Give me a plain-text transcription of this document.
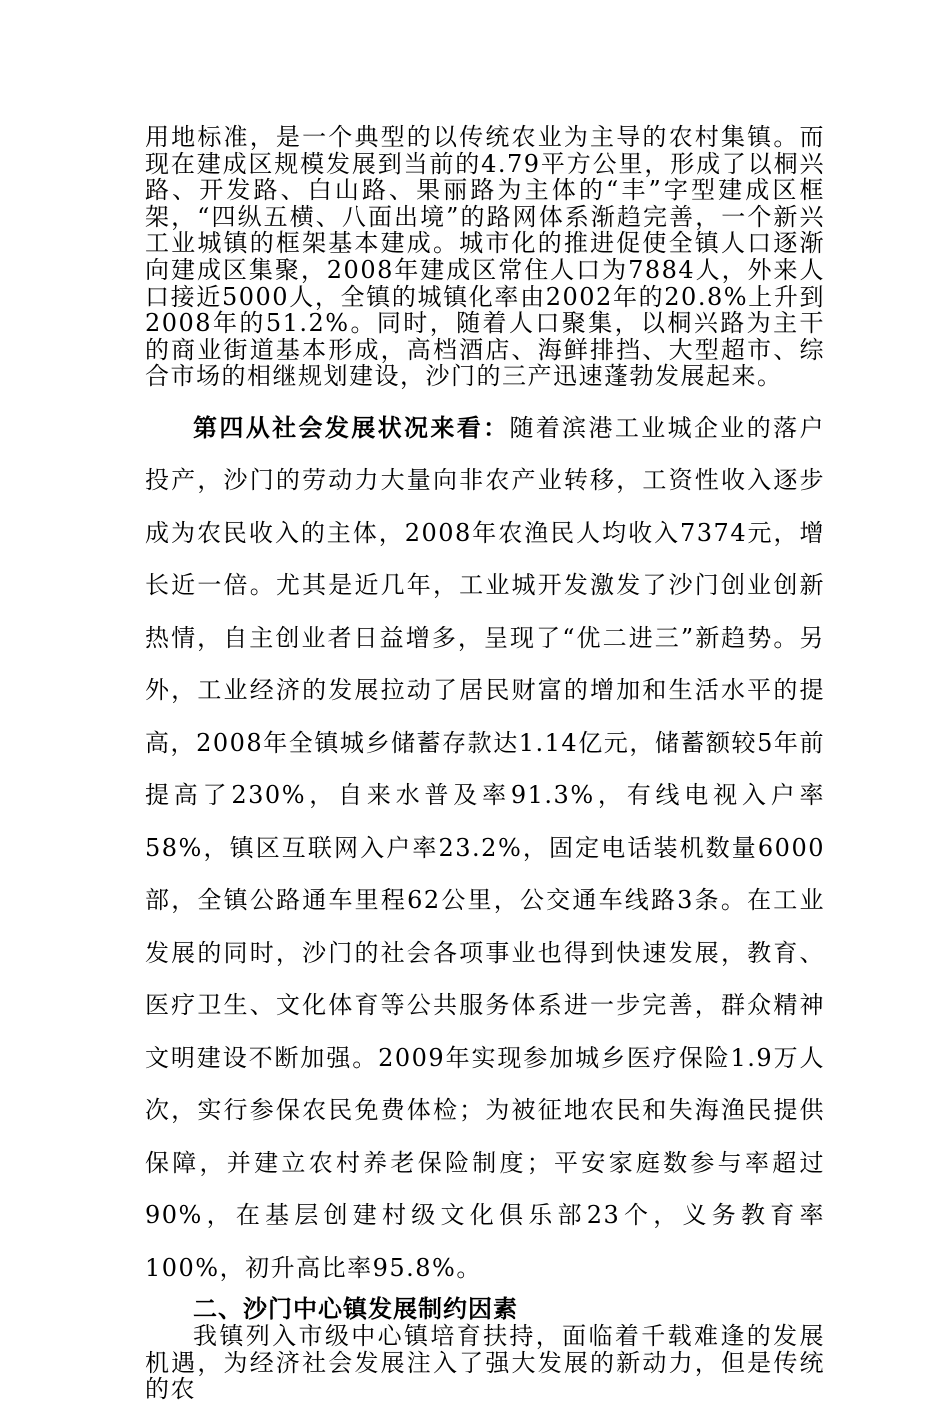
用地标准，是一个典型的以传统农业为主导的农村集镇。而现在建成区规模发展到当前的4.79平方公里，形成了以桐兴路、开发路、白山路、果丽路为主体的“丰”字型建成区框架，“四纵五横、八面出境”的路网体系渐趋完善，一个新兴工业城镇的框架基本建成。城市化的推进促使全镇人口逐渐向建成区集聚，2008年建成区常住人口为7884人，外来人口接近5000人，全镇的城镇化率由2002年的20.8%上升到2008年的51.2%。同时，随着人口聚集，以桐兴路为主干的商业街道基本形成，高档酒店、海鲜排挡、大型超市、综合市场的相继规划建设，沙门的三产迅速蓬勃发展起来。

第四从社会发展状况来看：随着滨港工业城企业的落户投产，沙门的劳动力大量向非农产业转移，工资性收入逐步成为农民收入的主体，2008年农渔民人均收入7374元，增长近一倍。尤其是近几年，工业城开发激发了沙门创业创新热情，自主创业者日益增多，呈现了“优二进三”新趋势。另外，工业经济的发展拉动了居民财富的增加和生活水平的提高，2008年全镇城乡储蓄存款达1.14亿元，储蓄额较5年前提高了230%，自来水普及率91.3%，有线电视入户率58%，镇区互联网入户率23.2%，固定电话装机数量6000部，全镇公路通车里程62公里，公交通车线路3条。在工业发展的同时，沙门的社会各项事业也得到快速发展，教育、医疗卫生、文化体育等公共服务体系进一步完善，群众精神文明建设不断加强。2009年实现参加城乡医疗保险1.9万人次，实行参保农民免费体检；为被征地农民和失海渔民提供保障，并建立农村养老保险制度；平安家庭数参与率超过90%，在基层创建村级文化俱乐部23个，义务教育率100%，初升高比率95.8%。

二、沙门中心镇发展制约因素

我镇列入市级中心镇培育扶持，面临着千载难逢的发展机遇，为经济社会发展注入了强大发展的新动力，但是传统的农
